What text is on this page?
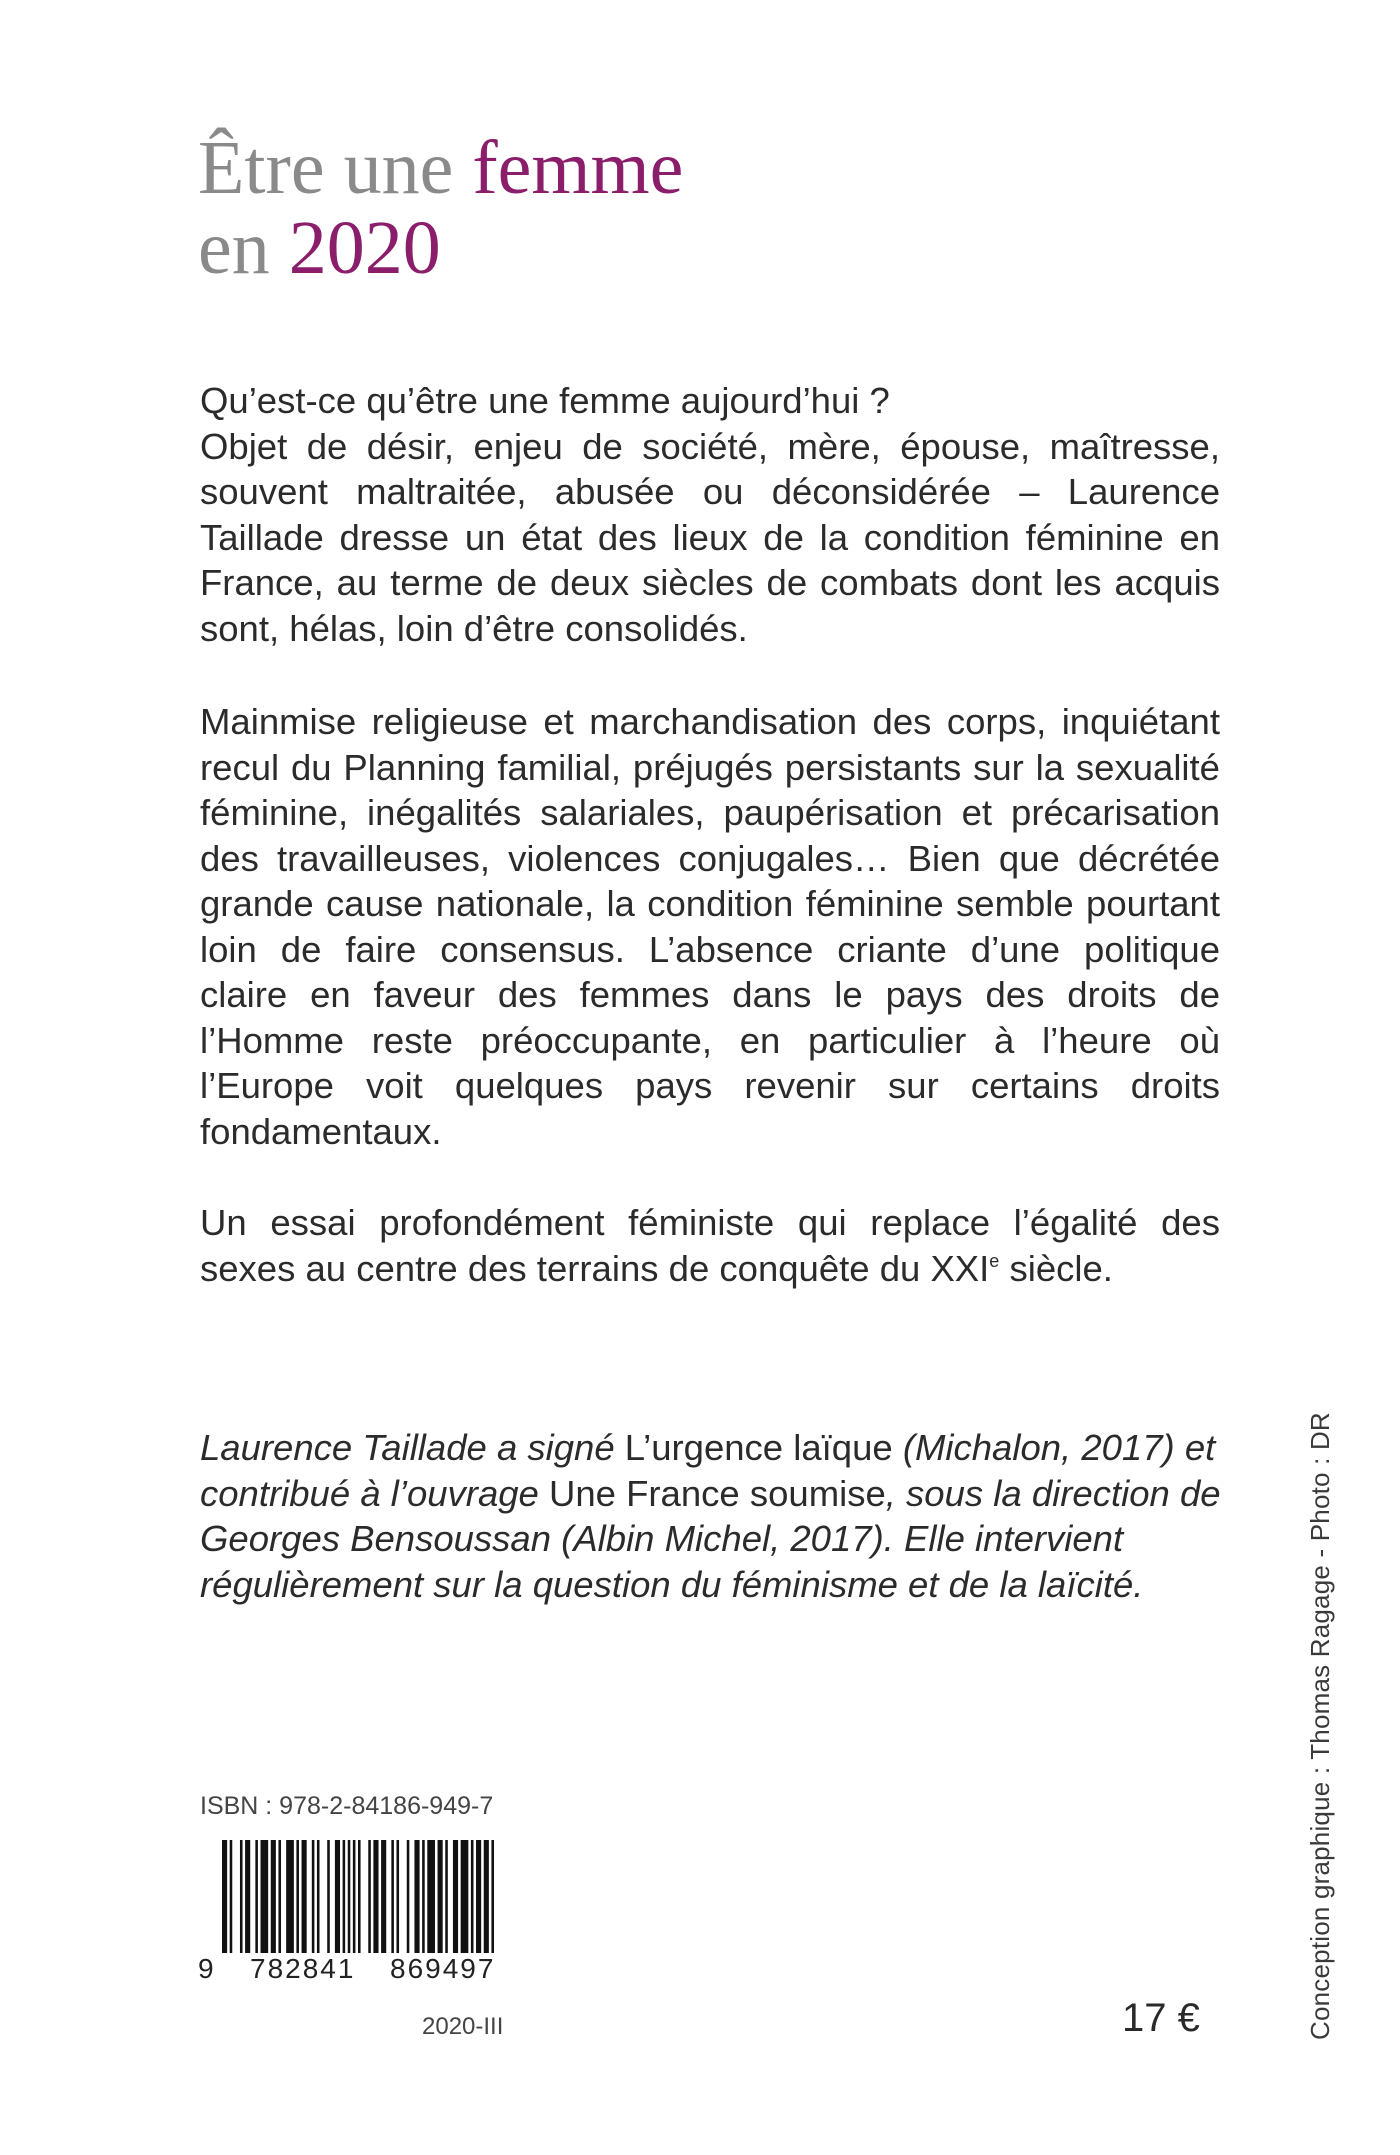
Être une femme
en 2020

Qu’est-ce qu’être une femme aujourd’hui ?

Objet de désir, enjeu de société, mère, épouse, maîtresse, souvent maltraitée, abusée ou déconsidérée – Laurence Taillade dresse un état des lieux de la condition féminine en France, au terme de deux siècles de combats dont les acquis sont, hélas, loin d’être consolidés.

Mainmise religieuse et marchandisation des corps, inquiétant recul du Planning familial, préjugés persistants sur la sexualité féminine, inégalités salariales, paupérisation et précarisation des travailleuses, violences conjugales… Bien que décrétée grande cause nationale, la condition féminine semble pourtant loin de faire consensus. L’absence criante d’une politique claire en faveur des femmes dans le pays des droits de l’Homme reste préoccupante, en particulier à l’heure où l’Europe voit quelques pays revenir sur certains droits fondamentaux.

Un essai profondément féministe qui replace l’égalité des sexes au centre des terrains de conquête du XXIe siècle.

Laurence Taillade a signé L’urgence laïque (Michalon, 2017) et contribué à l’ouvrage Une France soumise, sous la direction de Georges Bensoussan (Albin Michel, 2017). Elle intervient régulièrement sur la question du féminisme et de la laïcité.	Conception graphique : Thomas Ragage - Photo : DR
ISBN : 978-2-84186-949-7
9 782841 869497
2020-III	17 €
